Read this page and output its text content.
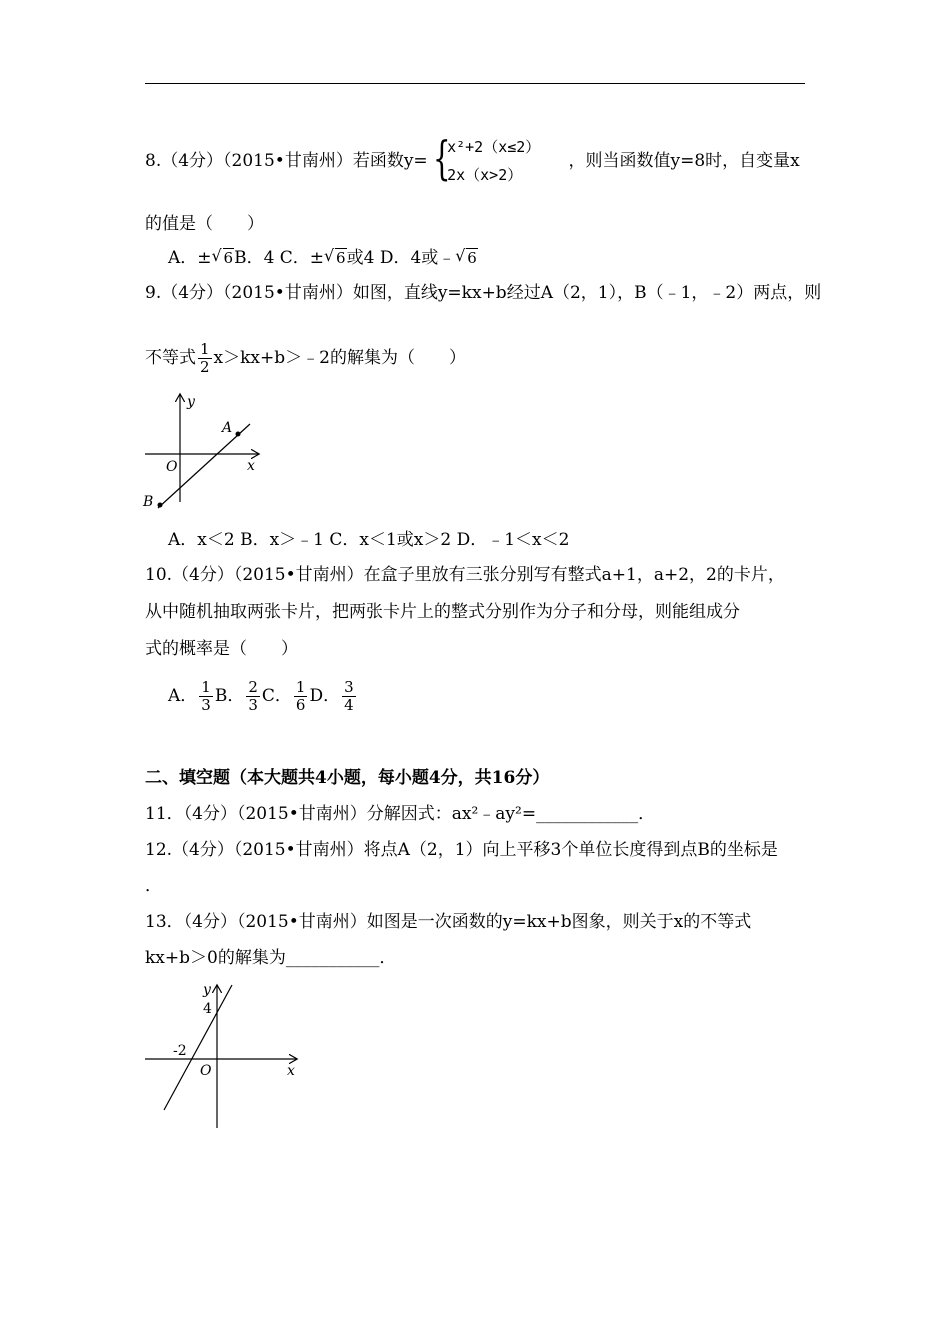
8.（4分）（2015•甘南州）若函数y= {
x²+2（x≤2）
2x（x>2）
，则当函数值y=8时，自变量x
的值是（　　）
A．± √ 6B．4 C．± √ 6或4 D．4或﹣ √ 6
9.（4分）（2015•甘南州）如图，直线y=kx+b经过A（2，1），B（﹣1，﹣2）两点，则
不等式 $\frac{1}{2}$ x＞kx+b＞﹣2的解集为（　　）
y
x
O
A
B
A．x＜2 B．x＞﹣1 C．x＜1或x＞2 D．﹣1＜x＜2
10.（4分）（2015•甘南州）在盒子里放有三张分别写有整式a+1，a+2，2的卡片，
从中随机抽取两张卡片，把两张卡片上的整式分别作为分子和分母，则能组成分
式的概率是（　　）
A． $\frac{1}{3}$ B． $\frac{2}{3}$ C． $\frac{1}{6}$ D． $\frac{3}{4}$
二、填空题（本大题共4小题，每小题4分，共16分）
11．（4分）（2015•甘南州）分解因式：ax²﹣ay²=____________．
12.（4分）（2015•甘南州）将点A（2，1）向上平移3个单位长度得到点B的坐标是
．
13．（4分）（2015•甘南州）如图是一次函数的y=kx+b图象，则关于x的不等式
kx+b＞0的解集为___________．
y
4
-2
O	x
